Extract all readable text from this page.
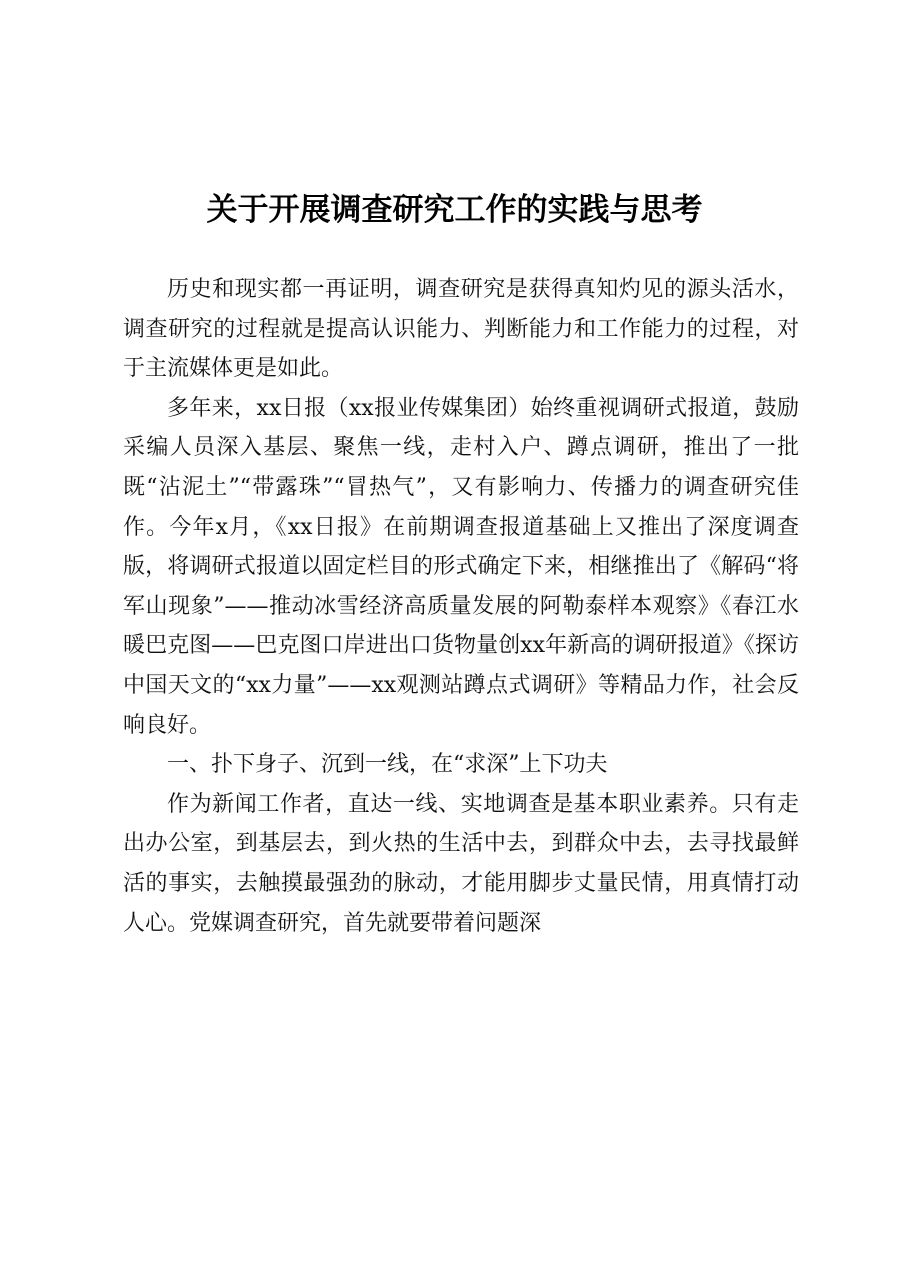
关于开展调查研究工作的实践与思考

历史和现实都一再证明，调查研究是获得真知灼见的源头活水，调查研究的过程就是提高认识能力、判断能力和工作能力的过程，对于主流媒体更是如此。

多年来，xx日报（xx报业传媒集团）始终重视调研式报道，鼓励采编人员深入基层、聚焦一线，走村入户、蹲点调研，推出了一批既“沾泥土”“带露珠”“冒热气”，又有影响力、传播力的调查研究佳作。今年x月，《xx日报》在前期调查报道基础上又推出了深度调查版，将调研式报道以固定栏目的形式确定下来，相继推出了《解码“将军山现象”——推动冰雪经济高质量发展的阿勒泰样本观察》《春江水暖巴克图——巴克图口岸进出口货物量创xx年新高的调研报道》《探访中国天文的“xx力量”——xx观测站蹲点式调研》等精品力作，社会反响良好。

一、扑下身子、沉到一线，在“求深”上下功夫

作为新闻工作者，直达一线、实地调查是基本职业素养。只有走出办公室，到基层去，到火热的生活中去，到群众中去，去寻找最鲜活的事实，去触摸最强劲的脉动，才能用脚步丈量民情，用真情打动人心。党媒调查研究，首先就要带着问题深
